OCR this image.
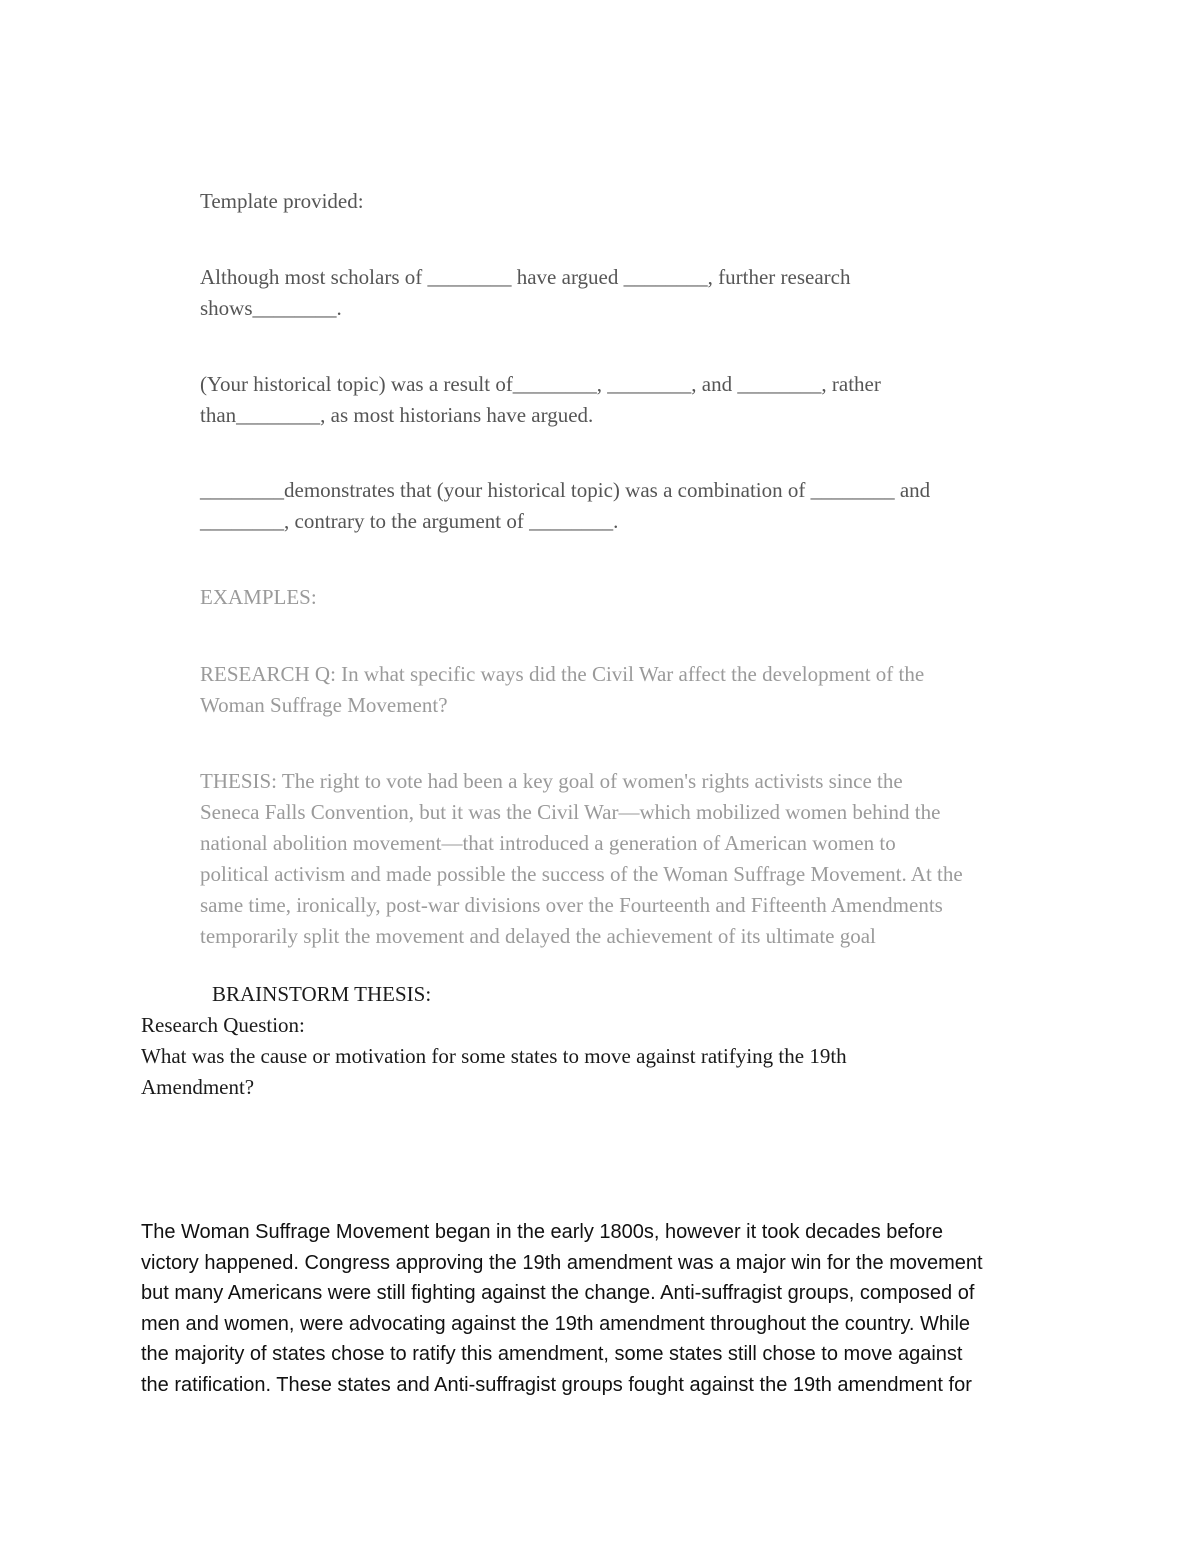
Template provided:

Although most scholars of ________ have argued ________, further research
shows________.
(Your historical topic) was a result of________, ________, and ________, rather
than________, as most historians have argued.
________demonstrates that (your historical topic) was a combination of ________ and
________, contrary to the argument of ________.

EXAMPLES:

RESEARCH Q: In what specific ways did the Civil War affect the development of the
Woman Suffrage Movement?
THESIS: The right to vote had been a key goal of women's rights activists since the
Seneca Falls Convention, but it was the Civil War—which mobilized women behind the
national abolition movement—that introduced a generation of American women to
political activism and made possible the success of the Woman Suffrage Movement. At the
same time, ironically, post-war divisions over the Fourteenth and Fifteenth Amendments
temporarily split the movement and delayed the achievement of its ultimate goal

BRAINSTORM THESIS:

Research Question:
What was the cause or motivation for some states to move against ratifying the 19th
Amendment?
The Woman Suffrage Movement began in the early 1800s, however it took decades before
victory happened. Congress approving the 19th amendment was a major win for the movement
but many Americans were still fighting against the change. Anti-suffragist groups, composed of
men and women, were advocating against the 19th amendment throughout the country. While
the majority of states chose to ratify this amendment, some states still chose to move against
the ratification. These states and Anti-suffragist groups fought against the 19th amendment for
